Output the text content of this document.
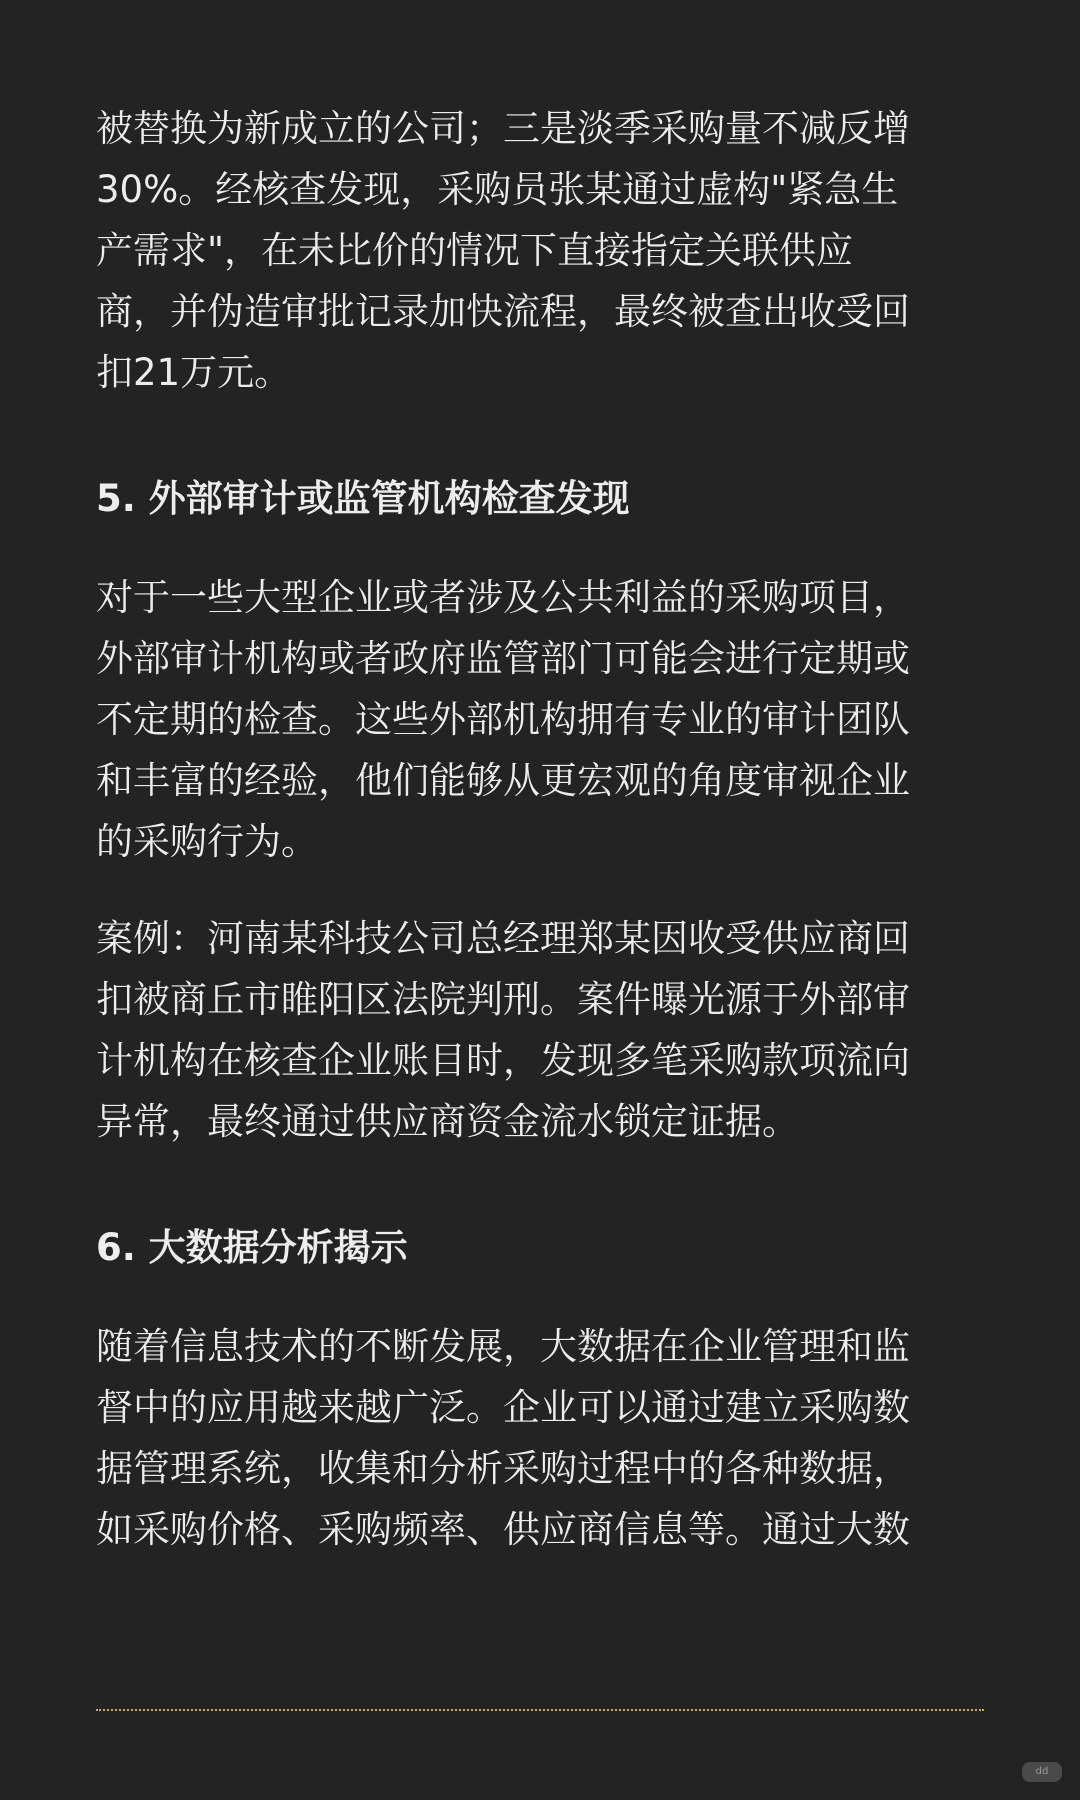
被替换为新成立的公司；三是淡季采购量不减反增
30%。经核查发现，采购员张某通过虚构"紧急生
产需求"，在未比价的情况下直接指定关联供应
商，并伪造审批记录加快流程，最终被查出收受回
扣21万元。

5. 外部审计或监管机构检查发现

对于一些大型企业或者涉及公共利益的采购项目，
外部审计机构或者政府监管部门可能会进行定期或
不定期的检查。这些外部机构拥有专业的审计团队
和丰富的经验，他们能够从更宏观的角度审视企业
的采购行为。

案例：河南某科技公司总经理郑某因收受供应商回
扣被商丘市睢阳区法院判刑。案件曝光源于外部审
计机构在核查企业账目时，发现多笔采购款项流向
异常，最终通过供应商资金流水锁定证据。

6. 大数据分析揭示

随着信息技术的不断发展，大数据在企业管理和监
督中的应用越来越广泛。企业可以通过建立采购数
据管理系统，收集和分析采购过程中的各种数据，
如采购价格、采购频率、供应商信息等。通过大数

dd
